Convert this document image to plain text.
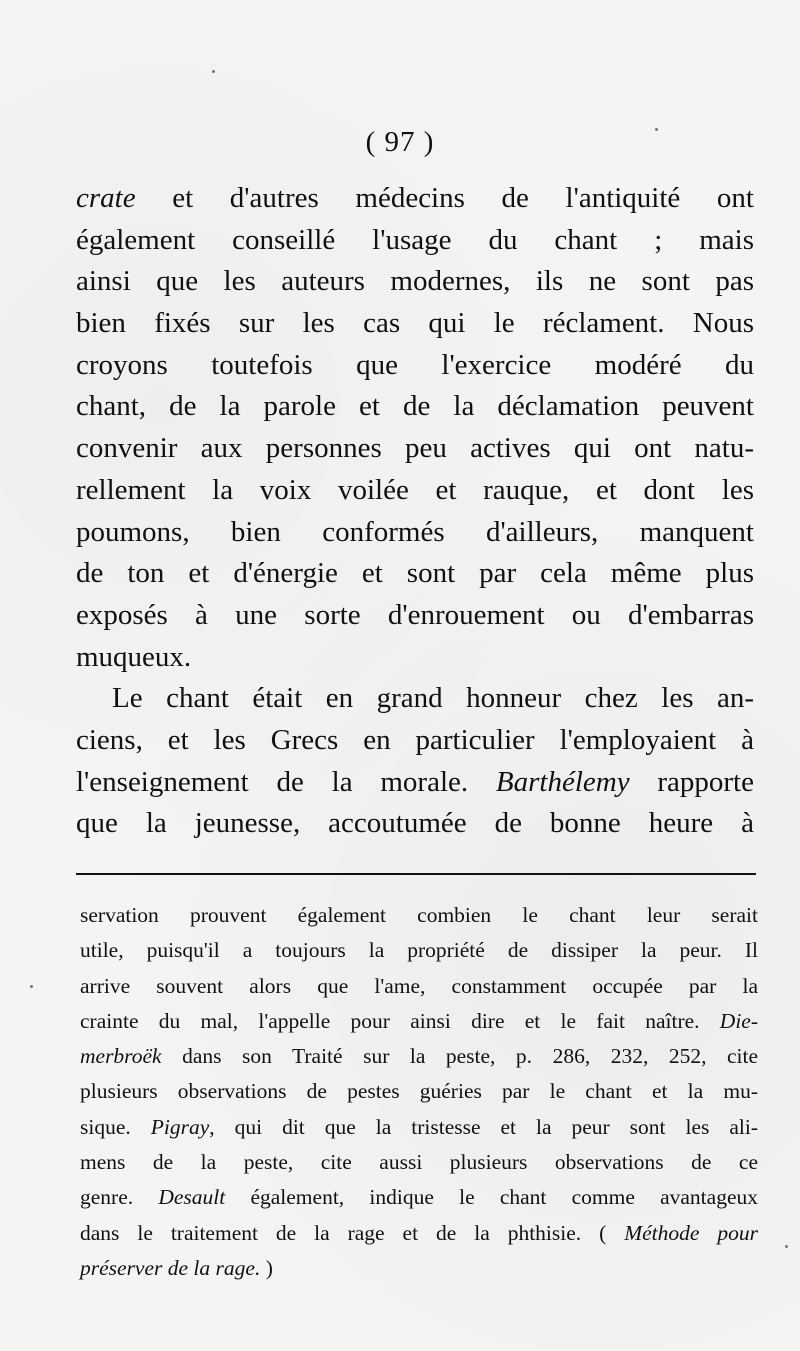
( 97 )
crate et d'autres médecins de l'antiquité ont
également conseillé l'usage du chant ; mais
ainsi que les auteurs modernes, ils ne sont pas
bien fixés sur les cas qui le réclament. Nous
croyons toutefois que l'exercice modéré du
chant, de la parole et de la déclamation peuvent
convenir aux personnes peu actives qui ont natu-
rellement la voix voilée et rauque, et dont les
poumons, bien conformés d'ailleurs, manquent
de ton et d'énergie et sont par cela même plus
exposés à une sorte d'enrouement ou d'embarras
muqueux.
Le chant était en grand honneur chez les an-
ciens, et les Grecs en particulier l'employaient à
l'enseignement de la morale. Barthélemy rapporte
que la jeunesse, accoutumée de bonne heure à
servation prouvent également combien le chant leur serait
utile, puisqu'il a toujours la propriété de dissiper la peur. Il
arrive souvent alors que l'ame, constamment occupée par la
crainte du mal, l'appelle pour ainsi dire et le fait naître. Die-
merbroëk dans son Traité sur la peste, p. 286, 232, 252, cite
plusieurs observations de pestes guéries par le chant et la mu-
sique. Pigray, qui dit que la tristesse et la peur sont les ali-
mens de la peste, cite aussi plusieurs observations de ce
genre. Desault également, indique le chant comme avantageux
dans le traitement de la rage et de la phthisie. ( Méthode pour
préserver de la rage. )
